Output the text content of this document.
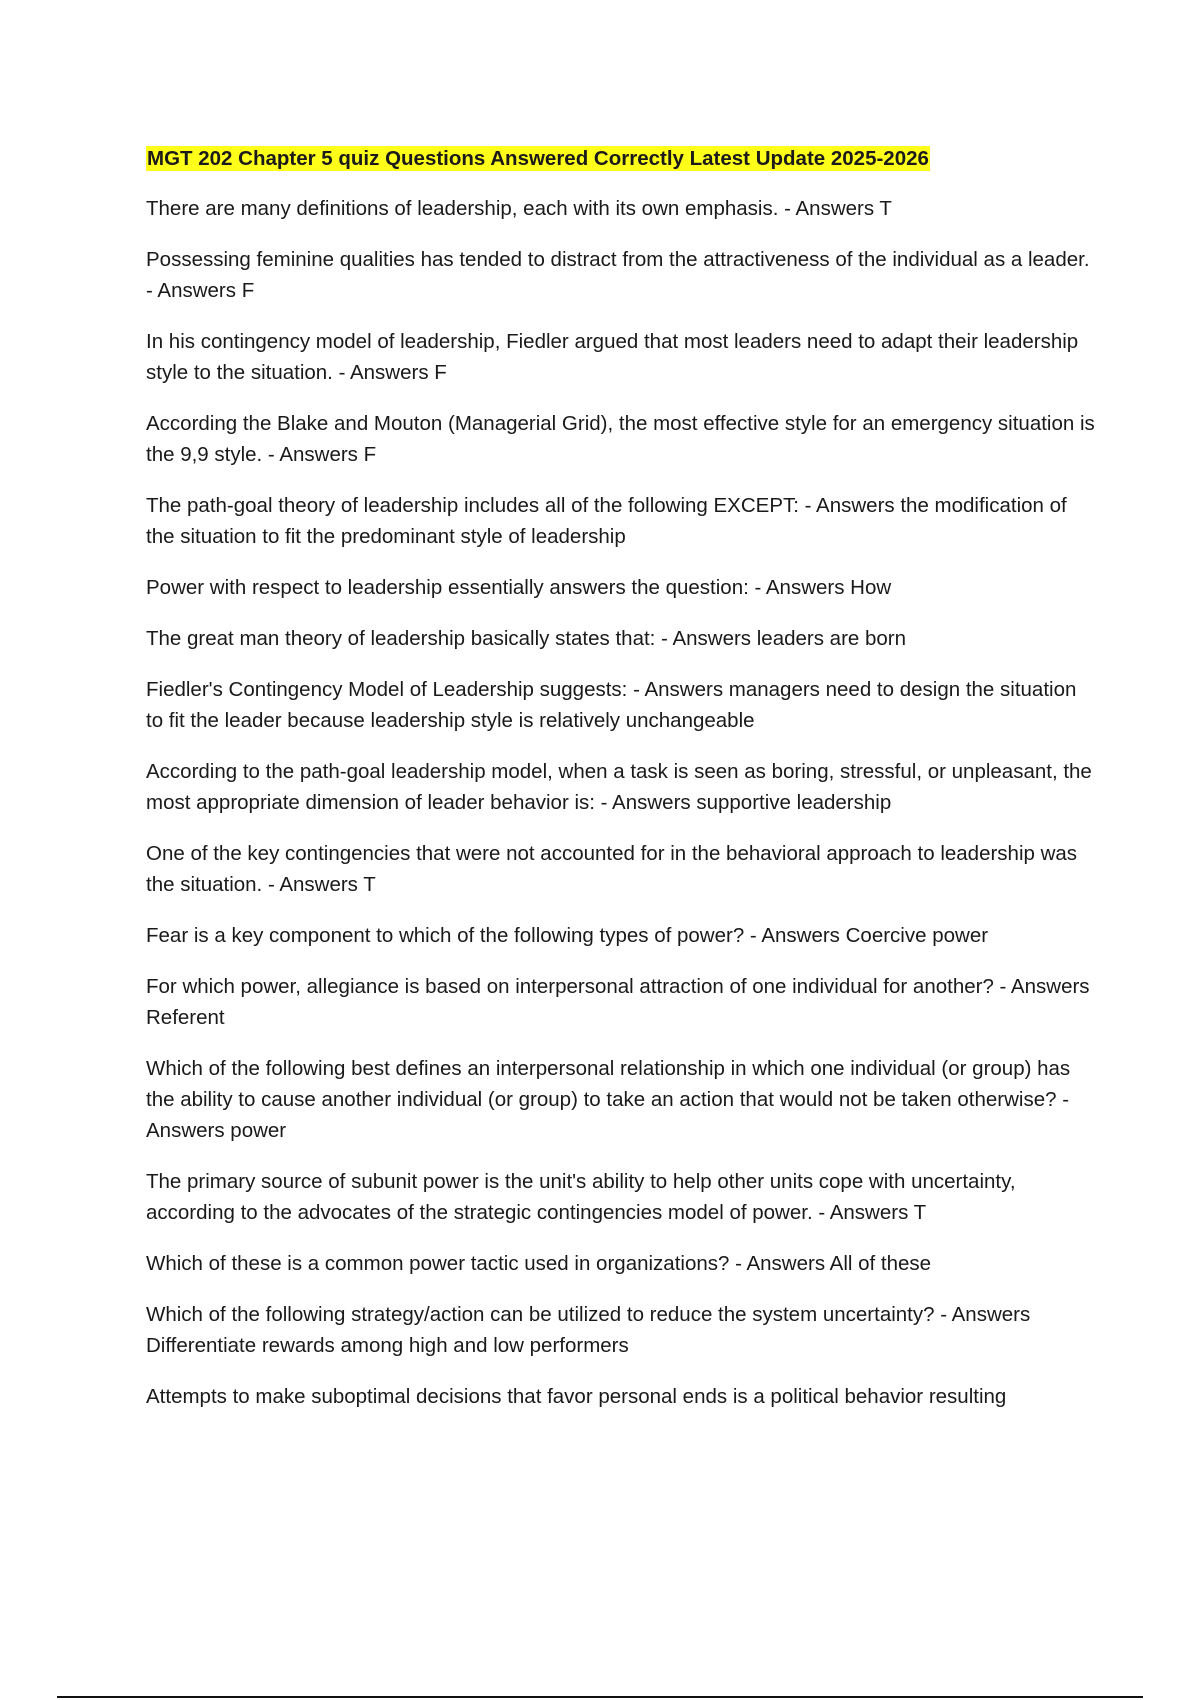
MGT 202 Chapter 5 quiz Questions Answered Correctly Latest Update 2025-2026
There are many definitions of leadership, each with its own emphasis. - Answers T
Possessing feminine qualities has tended to distract from the attractiveness of the individual as a leader. - Answers F
In his contingency model of leadership, Fiedler argued that most leaders need to adapt their leadership style to the situation. - Answers F
According the Blake and Mouton (Managerial Grid), the most effective style for an emergency situation is the 9,9 style. - Answers F
The path-goal theory of leadership includes all of the following EXCEPT: - Answers the modification of the situation to fit the predominant style of leadership
Power with respect to leadership essentially answers the question: - Answers How
The great man theory of leadership basically states that: - Answers leaders are born
Fiedler's Contingency Model of Leadership suggests: - Answers managers need to design the situation to fit the leader because leadership style is relatively unchangeable
According to the path-goal leadership model, when a task is seen as boring, stressful, or unpleasant, the most appropriate dimension of leader behavior is: - Answers supportive leadership
One of the key contingencies that were not accounted for in the behavioral approach to leadership was the situation. - Answers T
Fear is a key component to which of the following types of power? - Answers Coercive power
For which power, allegiance is based on interpersonal attraction of one individual for another? - Answers Referent
Which of the following best defines an interpersonal relationship in which one individual (or group) has the ability to cause another individual (or group) to take an action that would not be taken otherwise? - Answers power
The primary source of subunit power is the unit's ability to help other units cope with uncertainty, according to the advocates of the strategic contingencies model of power. - Answers T
Which of these is a common power tactic used in organizations? - Answers All of these
Which of the following strategy/action can be utilized to reduce the system uncertainty? - Answers Differentiate rewards among high and low performers
Attempts to make suboptimal decisions that favor personal ends is a political behavior resulting
